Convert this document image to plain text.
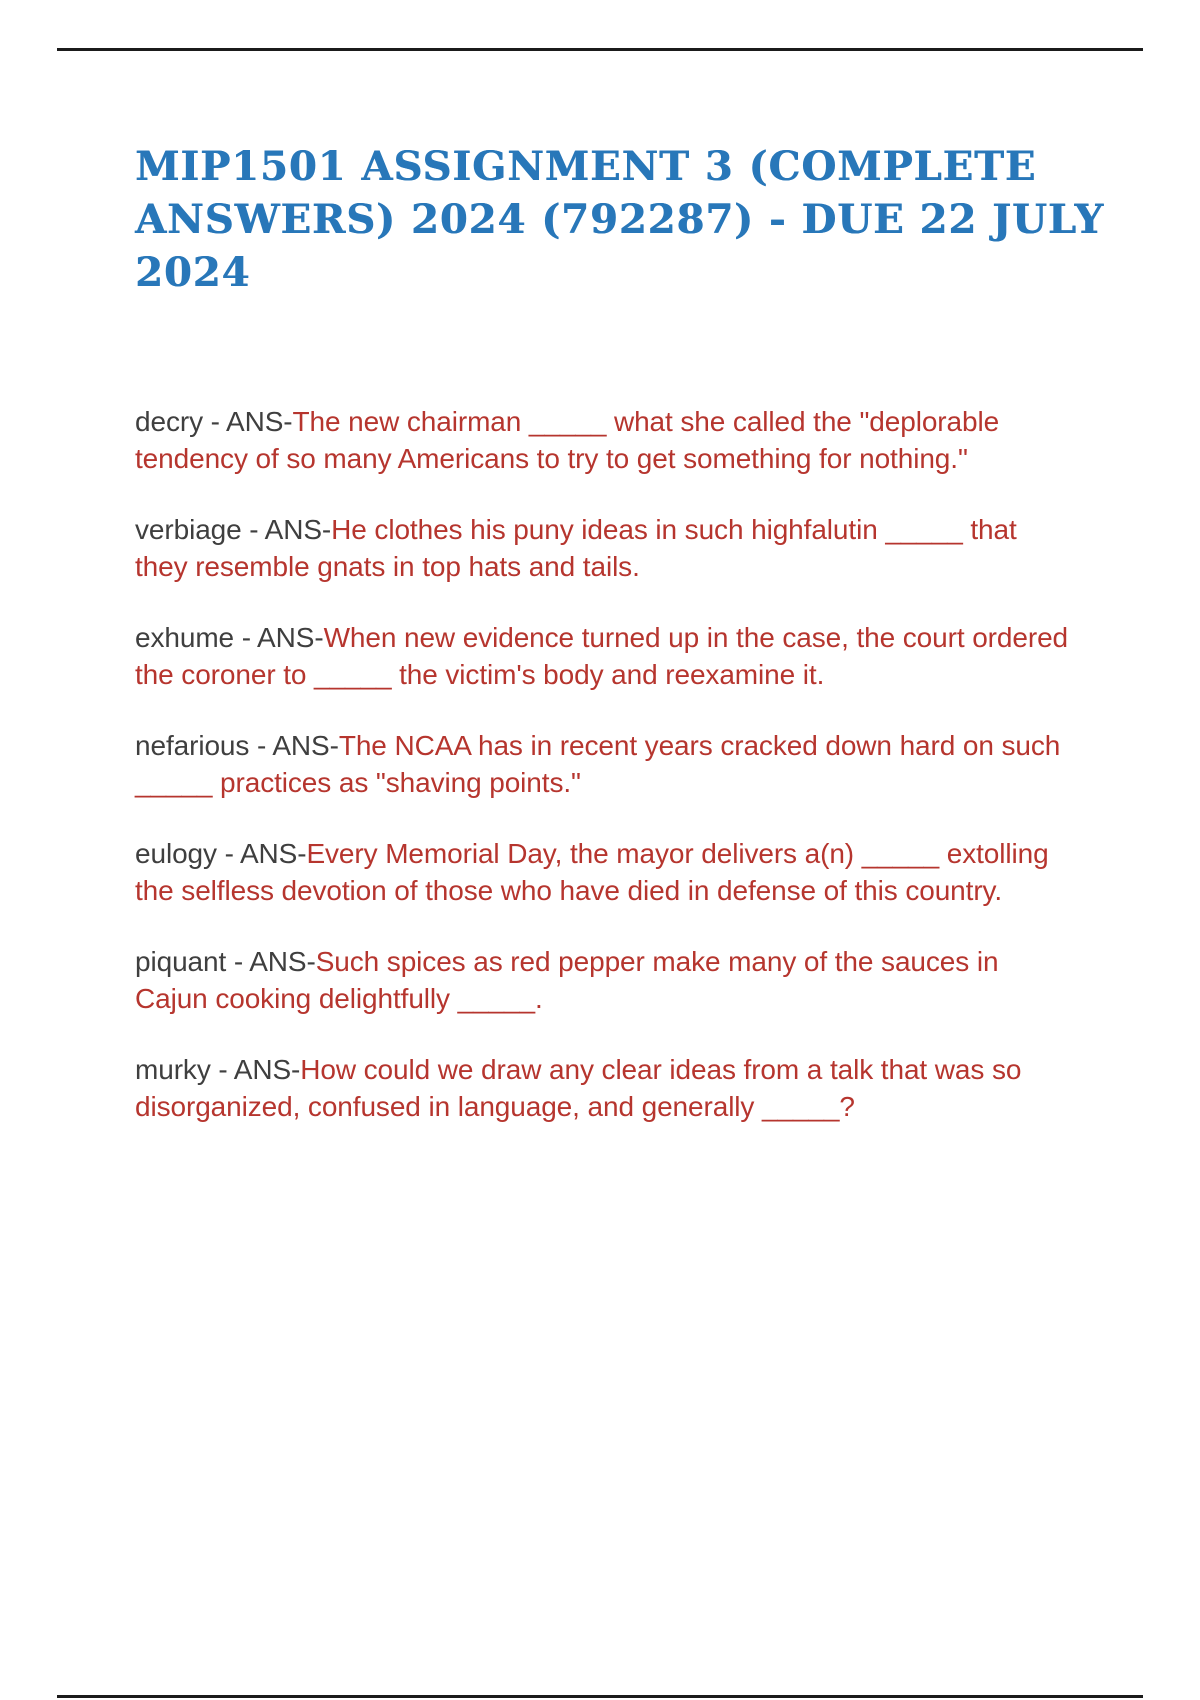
MIP1501 ASSIGNMENT 3 (COMPLETE
ANSWERS) 2024 (792287) - DUE 22 JULY
2024

decry - ANS-The new chairman _____ what she called the "deplorable tendency of so many Americans to try to get something for nothing."

verbiage - ANS-He clothes his puny ideas in such highfalutin _____ that they resemble gnats in top hats and tails.

exhume - ANS-When new evidence turned up in the case, the court ordered the coroner to _____ the victim's body and reexamine it.

nefarious - ANS-The NCAA has in recent years cracked down hard on such _____ practices as "shaving points."

eulogy - ANS-Every Memorial Day, the mayor delivers a(n) _____ extolling the selfless devotion of those who have died in defense of this country.

piquant - ANS-Such spices as red pepper make many of the sauces in Cajun cooking delightfully _____.

murky - ANS-How could we draw any clear ideas from a talk that was so disorganized, confused in language, and generally _____?
